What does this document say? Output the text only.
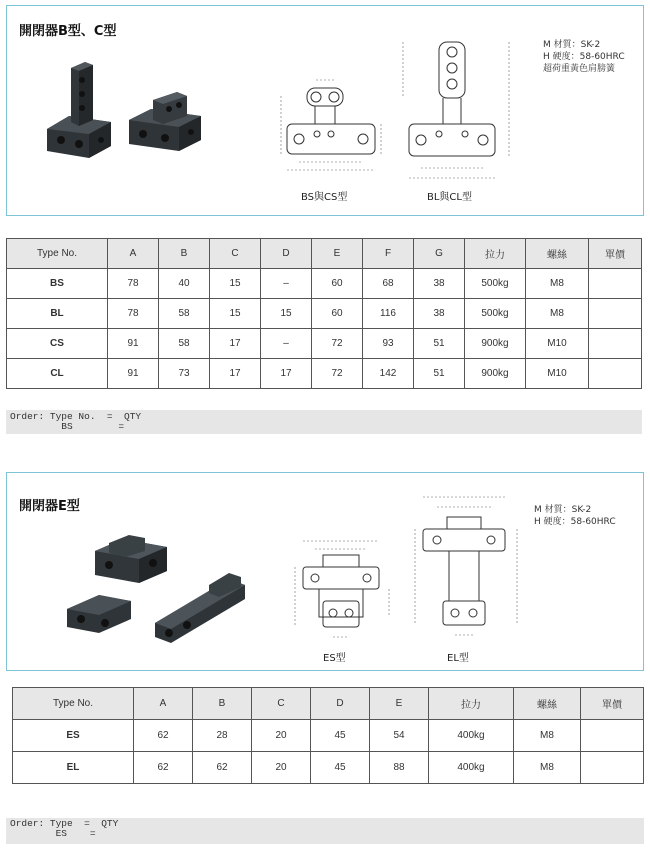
開閉器B型、C型
BS與CS型	BL與CL型
M 材質：SK-2
H 硬度：58-60HRC
超荷重黃色肩膀簧
Type No.	A	B	C	D	E	F	G	拉力	螺絲	單價
BS	78	40	15	–	60	68	38	500kg	M8	
BL	78	58	15	15	60	116	38	500kg	M8	
CS	91	58	17	–	72	93	51	900kg	M10	
CL	91	73	17	17	72	142	51	900kg	M10	
Order: Type No.  =  QTY
BS        =
開閉器E型
ES型	EL型
M 材質：SK-2
H 硬度：58-60HRC
Type No.	A	B	C	D	E	拉力	螺絲	單價
ES	62	28	20	45	54	400kg	M8	
EL	62	62	20	45	88	400kg	M8	
Order: Type  =  QTY
ES    =
